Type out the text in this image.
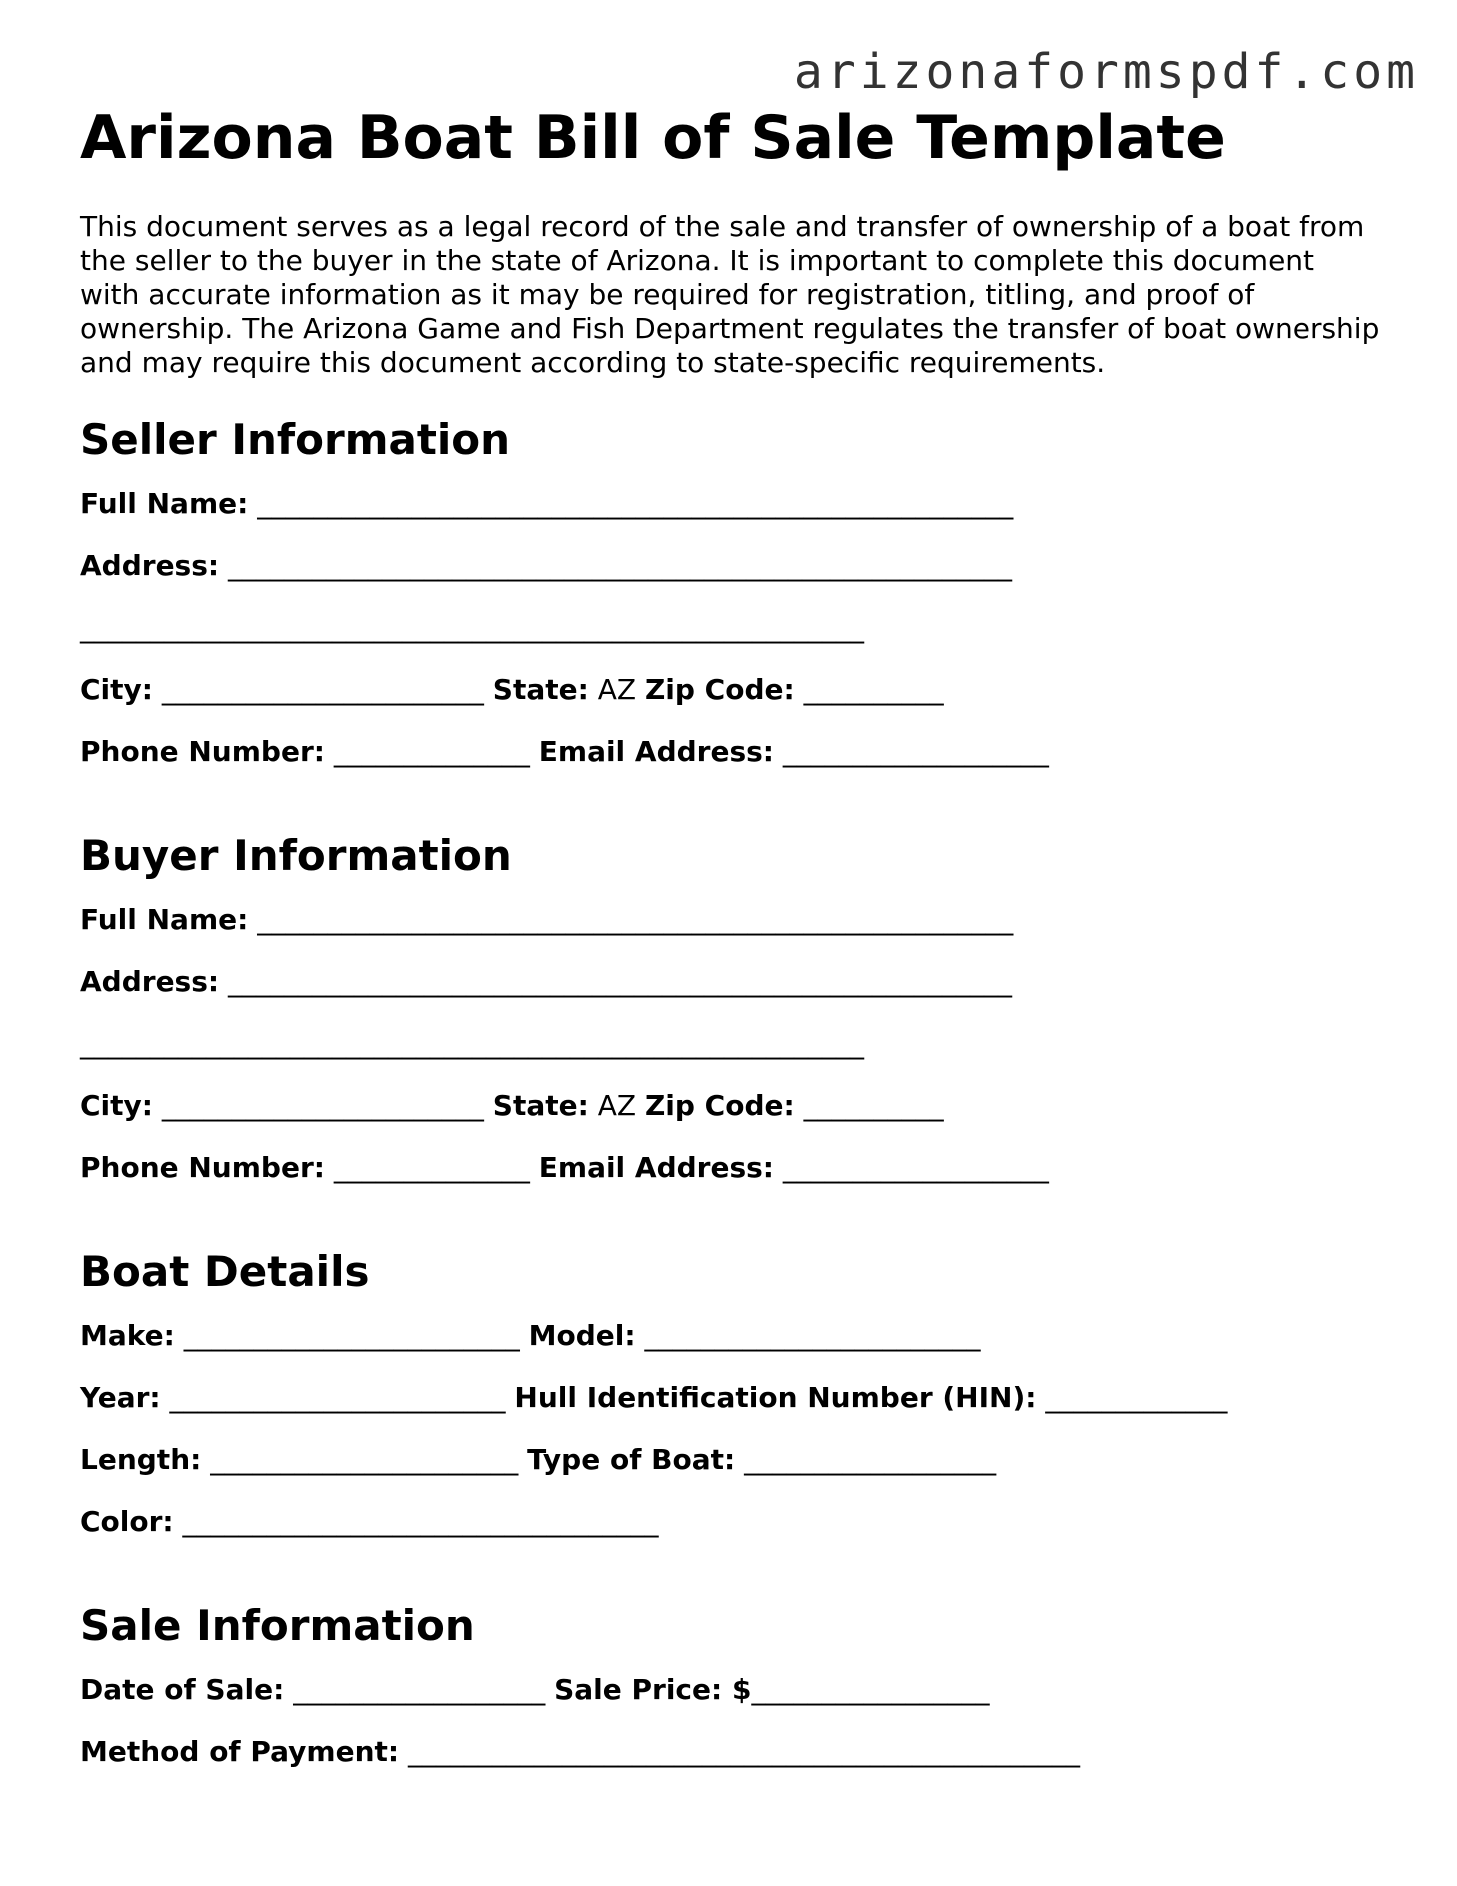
arizonaformspdf.com
Arizona Boat Bill of Sale Template

This document serves as a legal record of the sale and transfer of ownership of a boat from the seller to the buyer in the state of Arizona. It is important to complete this document with accurate information as it may be required for registration, titling, and proof of ownership. The Arizona Game and Fish Department regulates the transfer of boat ownership and may require this document according to state-specific requirements.

Seller Information
Full Name: ______________________________________________________
Address: ________________________________________________________
________________________________________________________
City: _______________________ State: AZ Zip Code: __________
Phone Number: ______________ Email Address: ___________________
Buyer Information
Full Name: ______________________________________________________
Address: ________________________________________________________
________________________________________________________
City: _______________________ State: AZ Zip Code: __________
Phone Number: ______________ Email Address: ___________________
Boat Details
Make: ________________________ Model: ________________________
Year: ________________________ Hull Identification Number (HIN): _____________
Length: ______________________ Type of Boat: __________________
Color: __________________________________
Sale Information
Date of Sale: __________________ Sale Price: $_________________
Method of Payment: ________________________________________________
